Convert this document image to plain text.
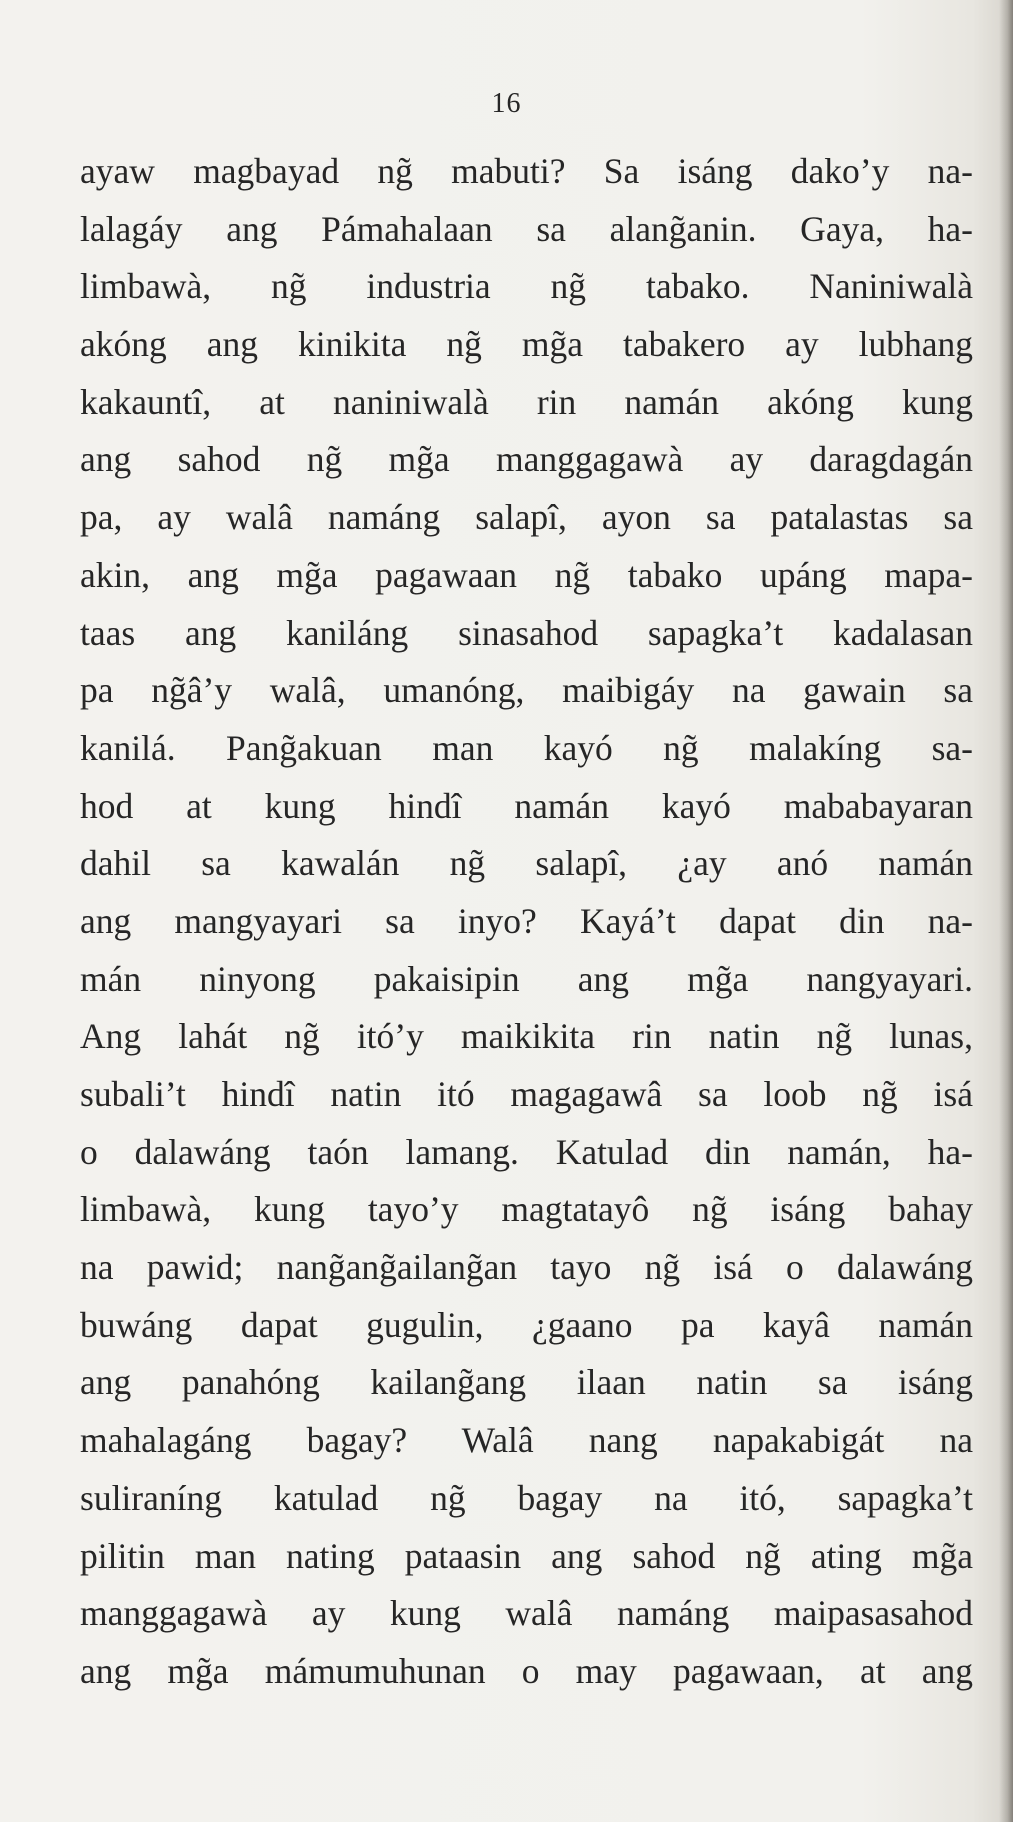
16
ayaw magbayad ng̃ mabuti? Sa isáng dako’y na-
lalagáy ang Pámahalaan sa alang̃anin. Gaya, ha-
limbawà, ng̃ industria ng̃ tabako. Naniniwalà
akóng ang kinikita ng̃ mg̃a tabakero ay lubhang
kakauntî, at naniniwalà rin namán akóng kung
ang sahod ng̃ mg̃a manggagawà ay daragdagán
pa, ay walâ namáng salapî, ayon sa patalastas sa
akin, ang mg̃a pagawaan ng̃ tabako upáng mapa-
taas ang kaniláng sinasahod sapagka’t kadalasan
pa ng̃â’y walâ, umanóng, maibigáy na gawain sa
kanilá. Pang̃akuan man kayó ng̃ malakíng sa-
hod at kung hindî namán kayó mababayaran
dahil sa kawalán ng̃ salapî, ¿ay anó namán
ang mangyayari sa inyo? Kayá’t dapat din na-
mán ninyong pakaisipin ang mg̃a nangyayari.
Ang lahát ng̃ itó’y maikikita rin natin ng̃ lunas,
subali’t hindî natin itó magagawâ sa loob ng̃ isá
o dalawáng taón lamang. Katulad din namán, ha-
limbawà, kung tayo’y magtatayô ng̃ isáng bahay
na pawid; nang̃ang̃ailang̃an tayo ng̃ isá o dalawáng
buwáng dapat gugulin, ¿gaano pa kayâ namán
ang panahóng kailang̃ang ilaan natin sa isáng
mahalagáng bagay? Walâ nang napakabigát na
suliraníng katulad ng̃ bagay na itó, sapagka’t
pilitin man nating pataasin ang sahod ng̃ ating mg̃a
manggagawà ay kung walâ namáng maipasasahod
ang mg̃a mámumuhunan o may pagawaan, at ang
